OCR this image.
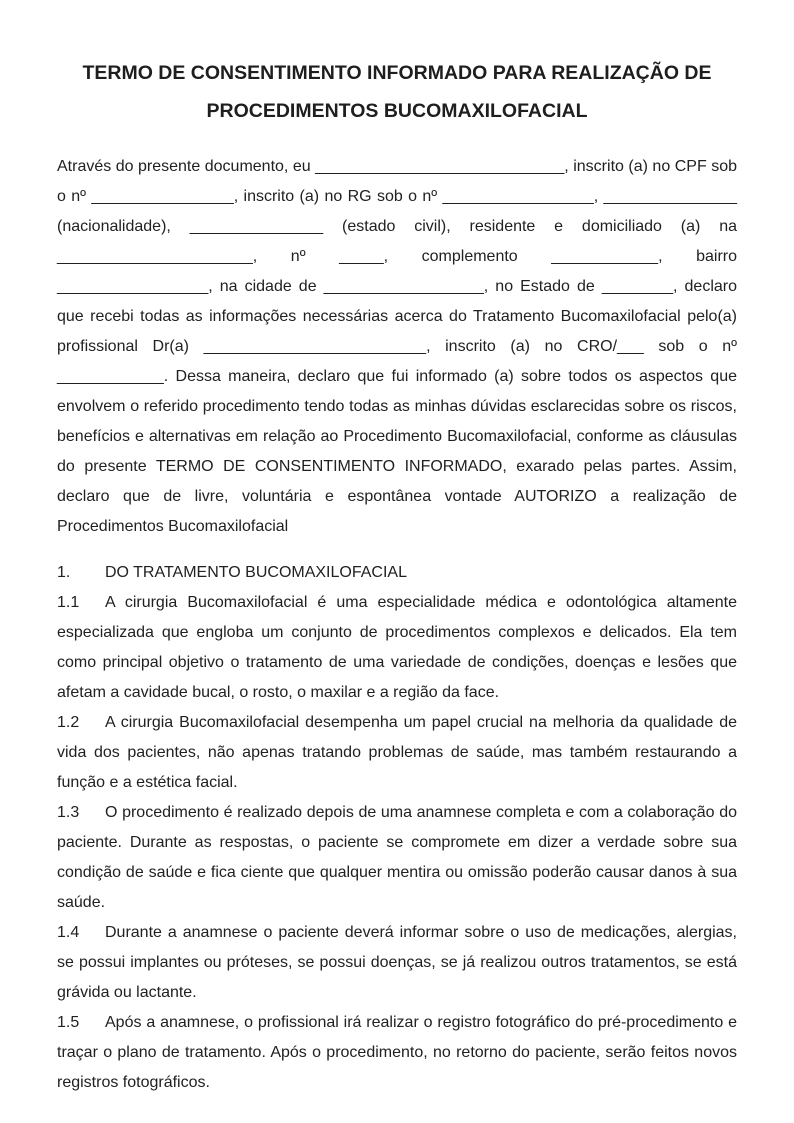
TERMO DE CONSENTIMENTO INFORMADO PARA REALIZAÇÃO DE
PROCEDIMENTOS BUCOMAXILOFACIAL

Através do presente documento, eu ____________________________, inscrito (a) no CPF sob o nº ________________, inscrito (a) no RG sob o nº _________________, _______________ (nacionalidade), _______________ (estado civil), residente e domiciliado (a) na ______________________, nº _____, complemento ____________, bairro _________________, na cidade de __________________, no Estado de ________, declaro que recebi todas as informações necessárias acerca do Tratamento Bucomaxilofacial pelo(a) profissional Dr(a) _________________________, inscrito (a) no CRO/___ sob o nº ____________. Dessa maneira, declaro que fui informado (a) sobre todos os aspectos que envolvem o referido procedimento tendo todas as minhas dúvidas esclarecidas sobre os riscos, benefícios e alternativas em relação ao Procedimento Bucomaxilofacial, conforme as cláusulas do presente TERMO DE CONSENTIMENTO INFORMADO, exarado pelas partes. Assim, declaro que de livre, voluntária e espontânea vontade AUTORIZO a realização de Procedimentos Bucomaxilofacial

1. DO TRATAMENTO BUCOMAXILOFACIAL

1.1 A cirurgia Bucomaxilofacial é uma especialidade médica e odontológica altamente especializada que engloba um conjunto de procedimentos complexos e delicados. Ela tem como principal objetivo o tratamento de uma variedade de condições, doenças e lesões que afetam a cavidade bucal, o rosto, o maxilar e a região da face.

1.2 A cirurgia Bucomaxilofacial desempenha um papel crucial na melhoria da qualidade de vida dos pacientes, não apenas tratando problemas de saúde, mas também restaurando a função e a estética facial.

1.3 O procedimento é realizado depois de uma anamnese completa e com a colaboração do paciente. Durante as respostas, o paciente se compromete em dizer a verdade sobre sua condição de saúde e fica ciente que qualquer mentira ou omissão poderão causar danos à sua saúde.

1.4 Durante a anamnese o paciente deverá informar sobre o uso de medicações, alergias, se possui implantes ou próteses, se possui doenças, se já realizou outros tratamentos, se está grávida ou lactante.

1.5 Após a anamnese, o profissional irá realizar o registro fotográfico do pré-procedimento e traçar o plano de tratamento. Após o procedimento, no retorno do paciente, serão feitos novos registros fotográficos.
